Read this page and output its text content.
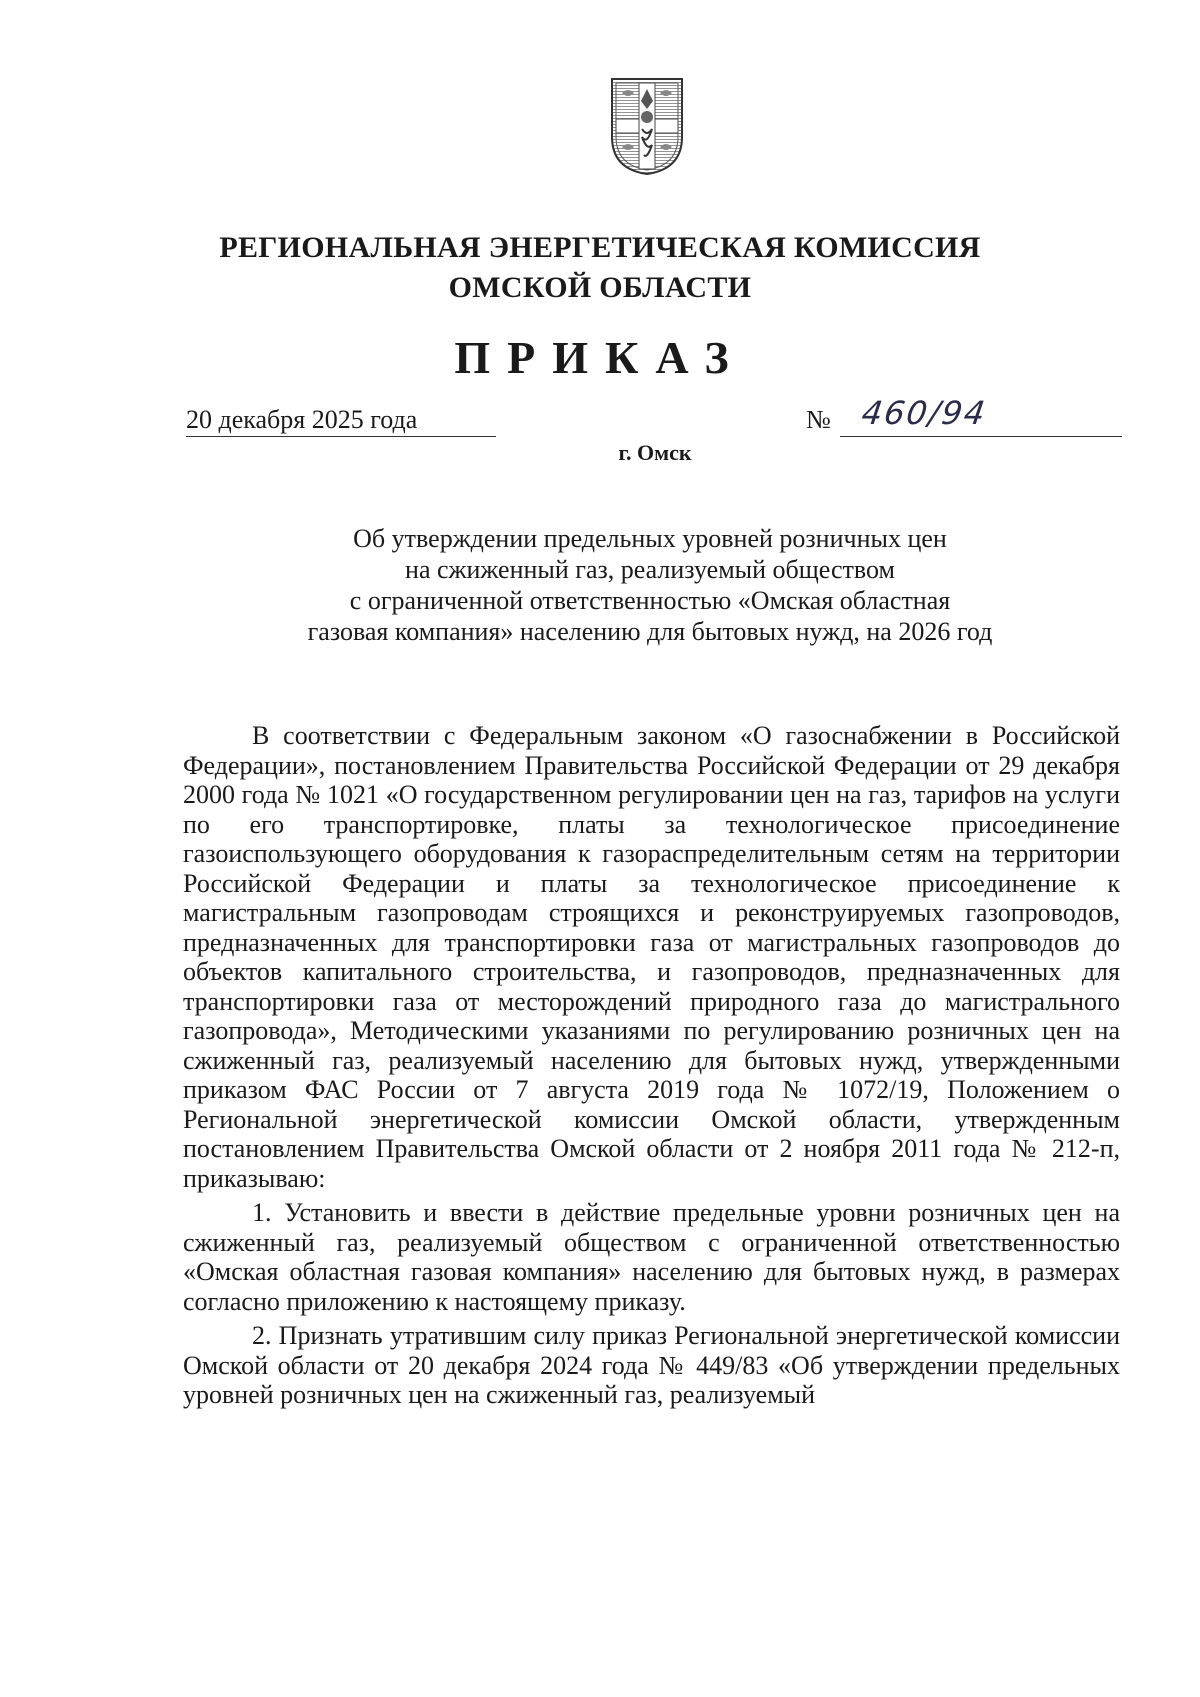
РЕГИОНАЛЬНАЯ ЭНЕРГЕТИЧЕСКАЯ КОМИССИЯ
ОМСКОЙ ОБЛАСТИ
ПРИКАЗ
20 декабря 2025 года	№ 460/94
г. Омск
Об утверждении предельных уровней розничных цен
на сжиженный газ, реализуемый обществом
с ограниченной ответственностью «Омская областная
газовая компания» населению для бытовых нужд, на 2026 год

В соответствии с Федеральным законом «О газоснабжении в Российской Федерации», постановлением Правительства Российской Федерации от 29 декабря 2000 года № 1021 «О государственном регулировании цен на газ, тарифов на услуги по его транспортировке, платы за технологическое присоединение газоиспользующего оборудования к газораспределительным сетям на территории Российской Федерации и платы за технологическое присоединение к магистральным газопроводам строящихся и реконструируемых газопроводов, предназначенных для транспортировки газа от магистральных газопроводов до объектов капитального строительства, и газопроводов, предназначенных для транспортировки газа от месторождений природного газа до магистрального газопровода», Методическими указаниями по регулированию розничных цен на сжиженный газ, реализуемый населению для бытовых нужд, утвержденными приказом ФАС России от 7 августа 2019 года № 1072/19, Положением о Региональной энергетической комиссии Омской области, утвержденным постановлением Правительства Омской области от 2 ноября 2011 года № 212-п, приказываю:

1. Установить и ввести в действие предельные уровни розничных цен на сжиженный газ, реализуемый обществом с ограниченной ответственностью «Омская областная газовая компания» населению для бытовых нужд, в размерах согласно приложению к настоящему приказу.

2. Признать утратившим силу приказ Региональной энергетической комиссии Омской области от 20 декабря 2024 года № 449/83 «Об утверждении предельных уровней розничных цен на сжиженный газ, реализуемый
